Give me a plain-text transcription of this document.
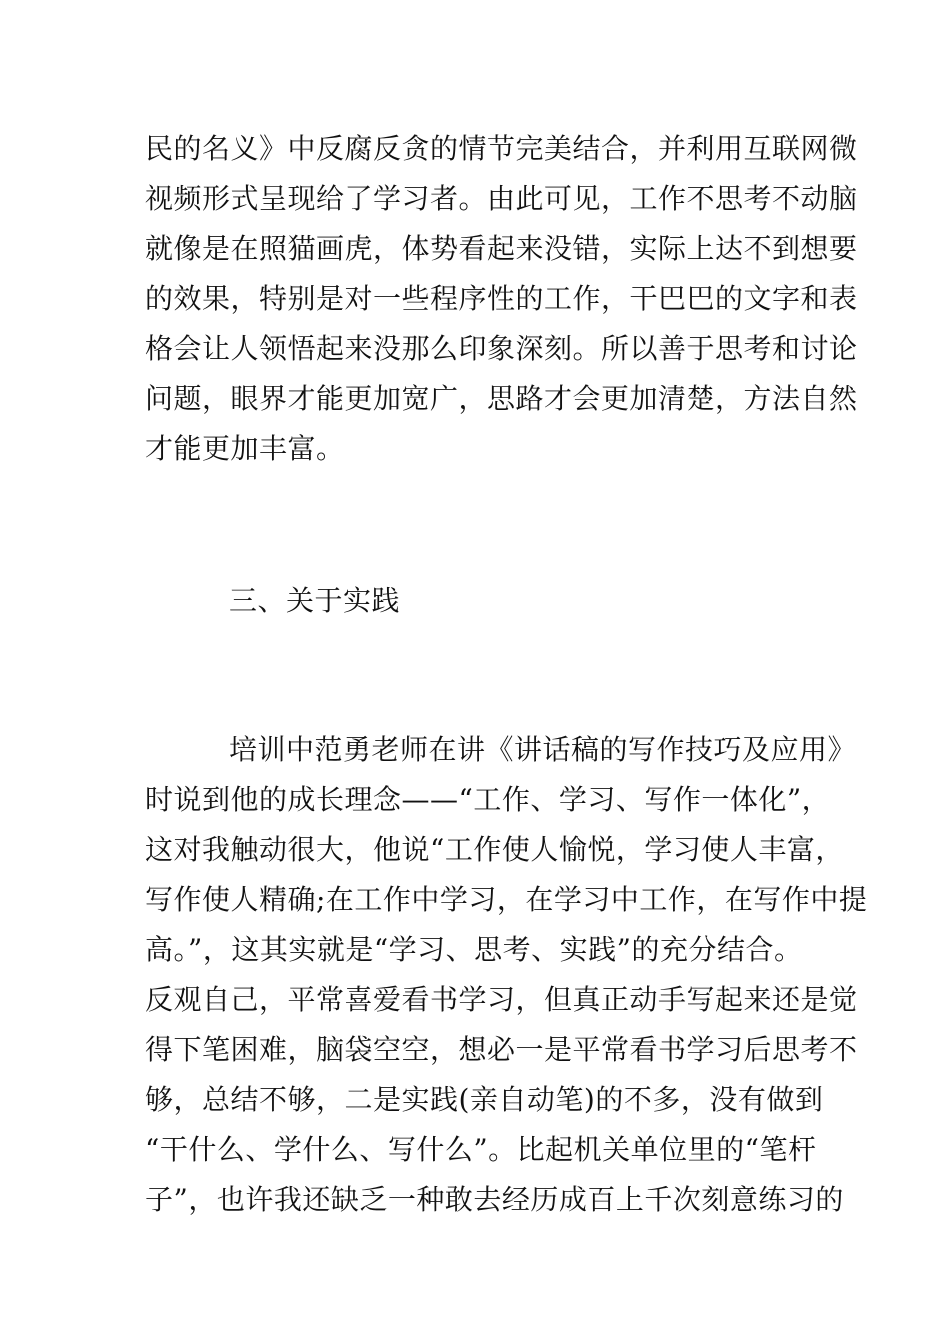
民的名义》中反腐反贪的情节完美结合，并利用互联网微
视频形式呈现给了学习者。由此可见，工作不思考不动脑
就像是在照猫画虎，体势看起来没错，实际上达不到想要
的效果，特别是对一些程序性的工作，干巴巴的文字和表
格会让人领悟起来没那么印象深刻。所以善于思考和讨论
问题，眼界才能更加宽广，思路才会更加清楚，方法自然
才能更加丰富。
三、关于实践
培训中范勇老师在讲《讲话稿的写作技巧及应用》
时说到他的成长理念——“工作、学习、写作一体化”，
这对我触动很大，他说“工作使人愉悦，学习使人丰富，
写作使人精确;在工作中学习，在学习中工作，在写作中提
高。”，这其实就是“学习、思考、实践”的充分结合。
反观自己，平常喜爱看书学习，但真正动手写起来还是觉
得下笔困难，脑袋空空，想必一是平常看书学习后思考不
够，总结不够，二是实践(亲自动笔)的不多，没有做到
“干什么、学什么、写什么”。比起机关单位里的“笔杆
子”，也许我还缺乏一种敢去经历成百上千次刻意练习的
